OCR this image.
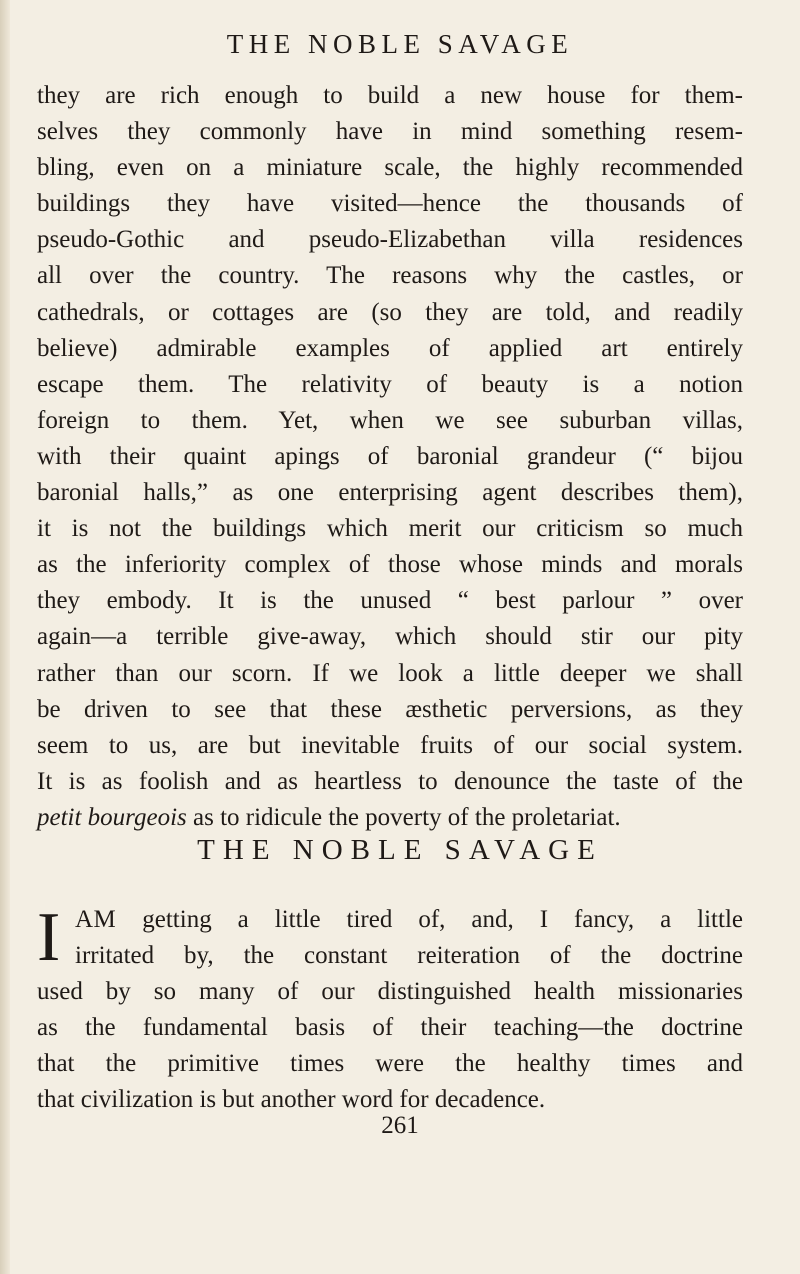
THE NOBLE SAVAGE
they are rich enough to build a new house for them-
selves they commonly have in mind something resem-
bling, even on a miniature scale, the highly recommended
buildings they have visited—hence the thousands of
pseudo-Gothic and pseudo-Elizabethan villa residences
all over the country. The reasons why the castles, or
cathedrals, or cottages are (so they are told, and readily
believe) admirable examples of applied art entirely
escape them. The relativity of beauty is a notion
foreign to them. Yet, when we see suburban villas,
with their quaint apings of baronial grandeur (“ bijou
baronial halls,” as one enterprising agent describes them),
it is not the buildings which merit our criticism so much
as the inferiority complex of those whose minds and morals
they embody. It is the unused “ best parlour ” over
again—a terrible give-away, which should stir our pity
rather than our scorn. If we look a little deeper we shall
be driven to see that these æsthetic perversions, as they
seem to us, are but inevitable fruits of our social system.
It is as foolish and as heartless to denounce the taste of the
petit bourgeois as to ridicule the poverty of the proletariat.
THE NOBLE SAVAGE
I AM getting a little tired of, and, I fancy, a little
irritated by, the constant reiteration of the doctrine
used by so many of our distinguished health missionaries
as the fundamental basis of their teaching—the doctrine
that the primitive times were the healthy times and
that civilization is but another word for decadence.
261
